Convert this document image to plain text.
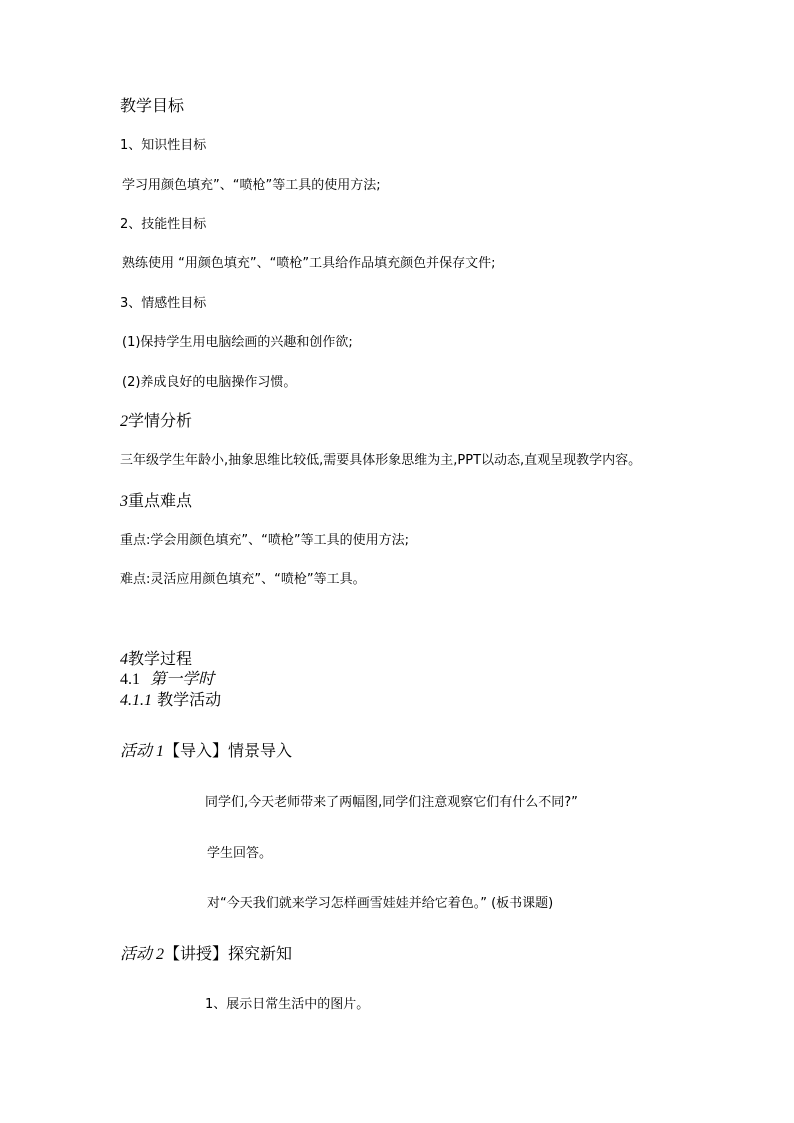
教学目标
1、知识性目标
学习用颜色填充”、“喷枪”等工具的使用方法;
2、技能性目标
熟练使用 “用颜色填充”、“喷枪”工具给作品填充颜色并保存文件;
3、情感性目标
(1)保持学生用电脑绘画的兴趣和创作欲;
(2)养成良好的电脑操作习惯。
2学情分析
三年级学生年龄小,抽象思维比较低,需要具体形象思维为主,PPT以动态,直观呈现教学内容。
3重点难点
重点:学会用颜色填充”、“喷枪”等工具的使用方法;
难点:灵活应用颜色填充”、“喷枪”等工具。
4教学过程
4.1 第一学时
4.1.1 教学活动
活动 1【导入】情景导入
同学们,今天老师带来了两幅图,同学们注意观察它们有什么不同?”
学生回答。
对“今天我们就来学习怎样画雪娃娃并给它着色。” (板书课题)
活动 2【讲授】探究新知
1、展示日常生活中的图片。
